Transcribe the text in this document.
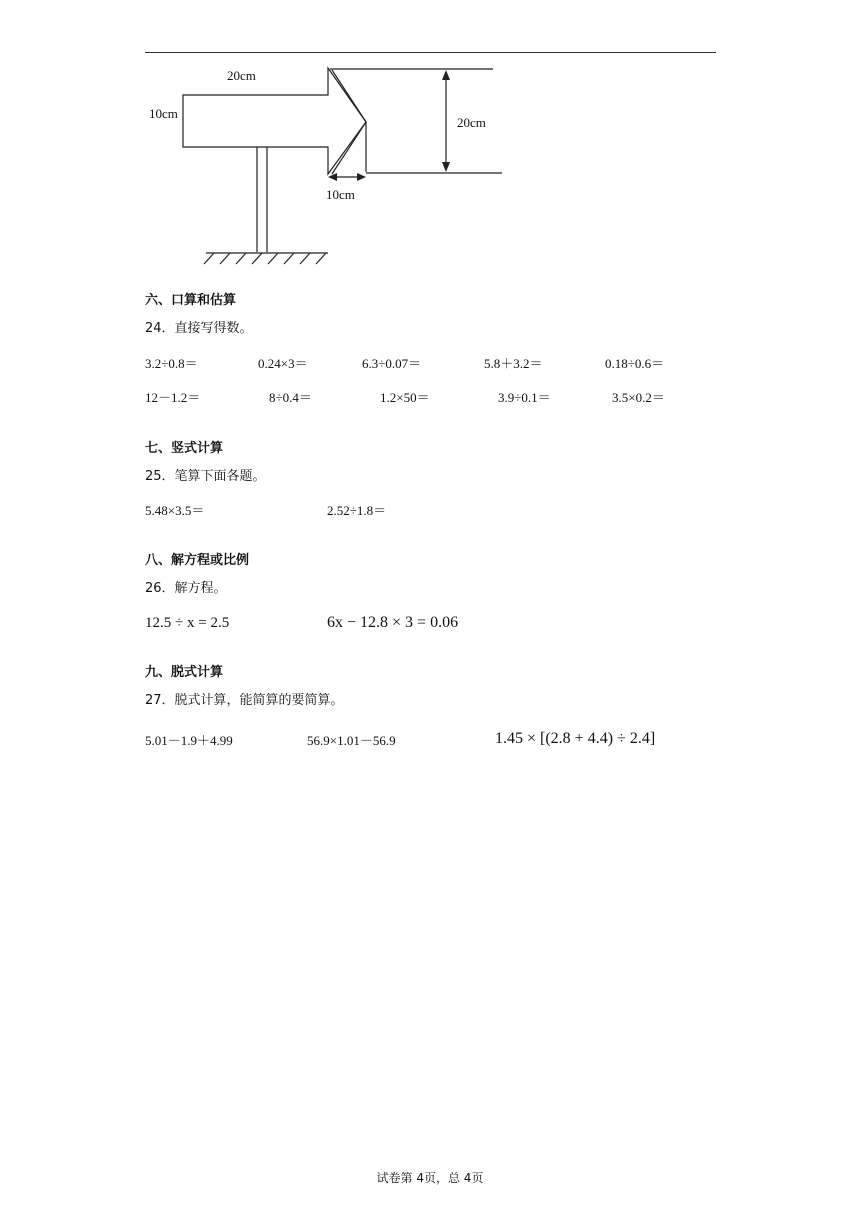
20cm
10cm
20cm
10cm
六、口算和估算
24．直接写得数。
3.2÷0.8＝	0.24×3＝	6.3÷0.07＝	5.8＋3.2＝	0.18÷0.6＝
12－1.2＝	8÷0.4＝	1.2×50＝	3.9÷0.1＝	3.5×0.2＝
七、竖式计算
25．笔算下面各题。
5.48×3.5＝	2.52÷1.8＝
八、解方程或比例
26．解方程。
12.5 ÷ x = 2.5	6x − 12.8 × 3 = 0.06
九、脱式计算
27．脱式计算，能简算的要简算。
5.01－1.9＋4.99	56.9×1.01－56.9	1.45 × [(2.8 + 4.4) ÷ 2.4]
试卷第 4页，总 4页
